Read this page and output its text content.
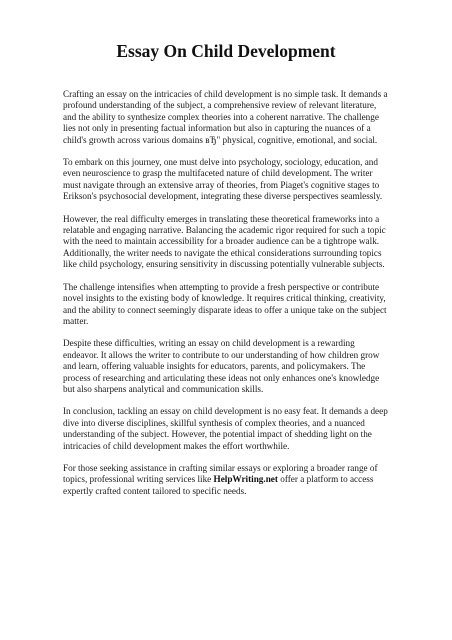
Essay On Child Development

Crafting an essay on the intricacies of child development is no simple task. It demands a profound understanding of the subject, a comprehensive review of relevant literature, and the ability to synthesize complex theories into a coherent narrative. The challenge lies not only in presenting factual information but also in capturing the nuances of a child's growth across various domains вЂ" physical, cognitive, emotional, and social.

To embark on this journey, one must delve into psychology, sociology, education, and even neuroscience to grasp the multifaceted nature of child development. The writer must navigate through an extensive array of theories, from Piaget's cognitive stages to Erikson's psychosocial development, integrating these diverse perspectives seamlessly.

However, the real difficulty emerges in translating these theoretical frameworks into a relatable and engaging narrative. Balancing the academic rigor required for such a topic with the need to maintain accessibility for a broader audience can be a tightrope walk. Additionally, the writer needs to navigate the ethical considerations surrounding topics like child psychology, ensuring sensitivity in discussing potentially vulnerable subjects.

The challenge intensifies when attempting to provide a fresh perspective or contribute novel insights to the existing body of knowledge. It requires critical thinking, creativity, and the ability to connect seemingly disparate ideas to offer a unique take on the subject matter.

Despite these difficulties, writing an essay on child development is a rewarding endeavor. It allows the writer to contribute to our understanding of how children grow and learn, offering valuable insights for educators, parents, and policymakers. The process of researching and articulating these ideas not only enhances one's knowledge but also sharpens analytical and communication skills.

In conclusion, tackling an essay on child development is no easy feat. It demands a deep dive into diverse disciplines, skillful synthesis of complex theories, and a nuanced understanding of the subject. However, the potential impact of shedding light on the intricacies of child development makes the effort worthwhile.

For those seeking assistance in crafting similar essays or exploring a broader range of topics, professional writing services like HelpWriting.net offer a platform to access expertly crafted content tailored to specific needs.
